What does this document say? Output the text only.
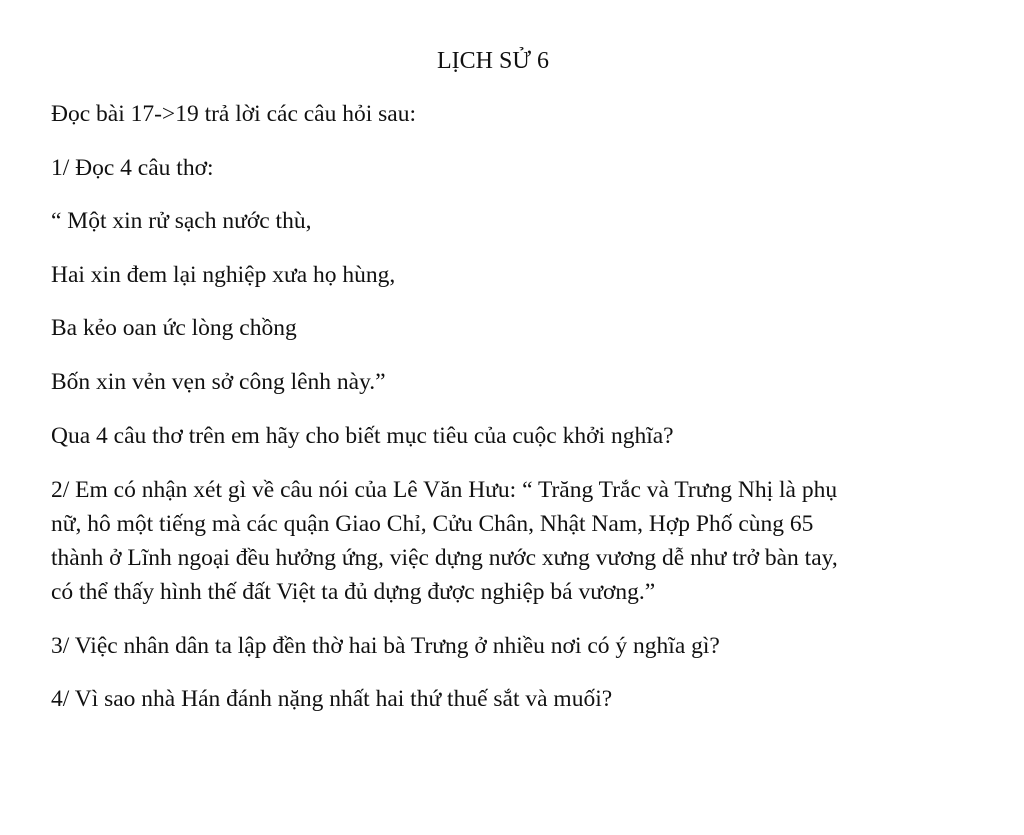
LỊCH SỬ 6
Đọc bài 17->19 trả lời các câu hỏi sau:
1/ Đọc 4 câu thơ:
“ Một xin rử sạch nước thù,
Hai xin đem lại nghiệp xưa họ hùng,
Ba kẻo oan ức lòng chồng
Bốn xin vẻn vẹn sở công lênh này.”
Qua 4 câu thơ trên em hãy cho biết mục tiêu của cuộc khởi nghĩa?
2/ Em có nhận xét gì về câu nói của Lê Văn Hưu: “ Trăng Trắc và Trưng Nhị là phụ
nữ, hô một tiếng mà các quận Giao Chỉ, Cửu Chân, Nhật Nam, Hợp Phố cùng 65
thành ở Lĩnh ngoại đều hưởng ứng, việc dựng nước xưng vương dễ như trở bàn tay,
có thể thấy hình thế đất Việt ta đủ dựng được nghiệp bá vương.”
3/ Việc nhân dân ta lập đền thờ hai bà Trưng ở nhiều nơi có ý nghĩa gì?
4/ Vì sao nhà Hán đánh nặng nhất hai thứ thuế sắt và muối?
